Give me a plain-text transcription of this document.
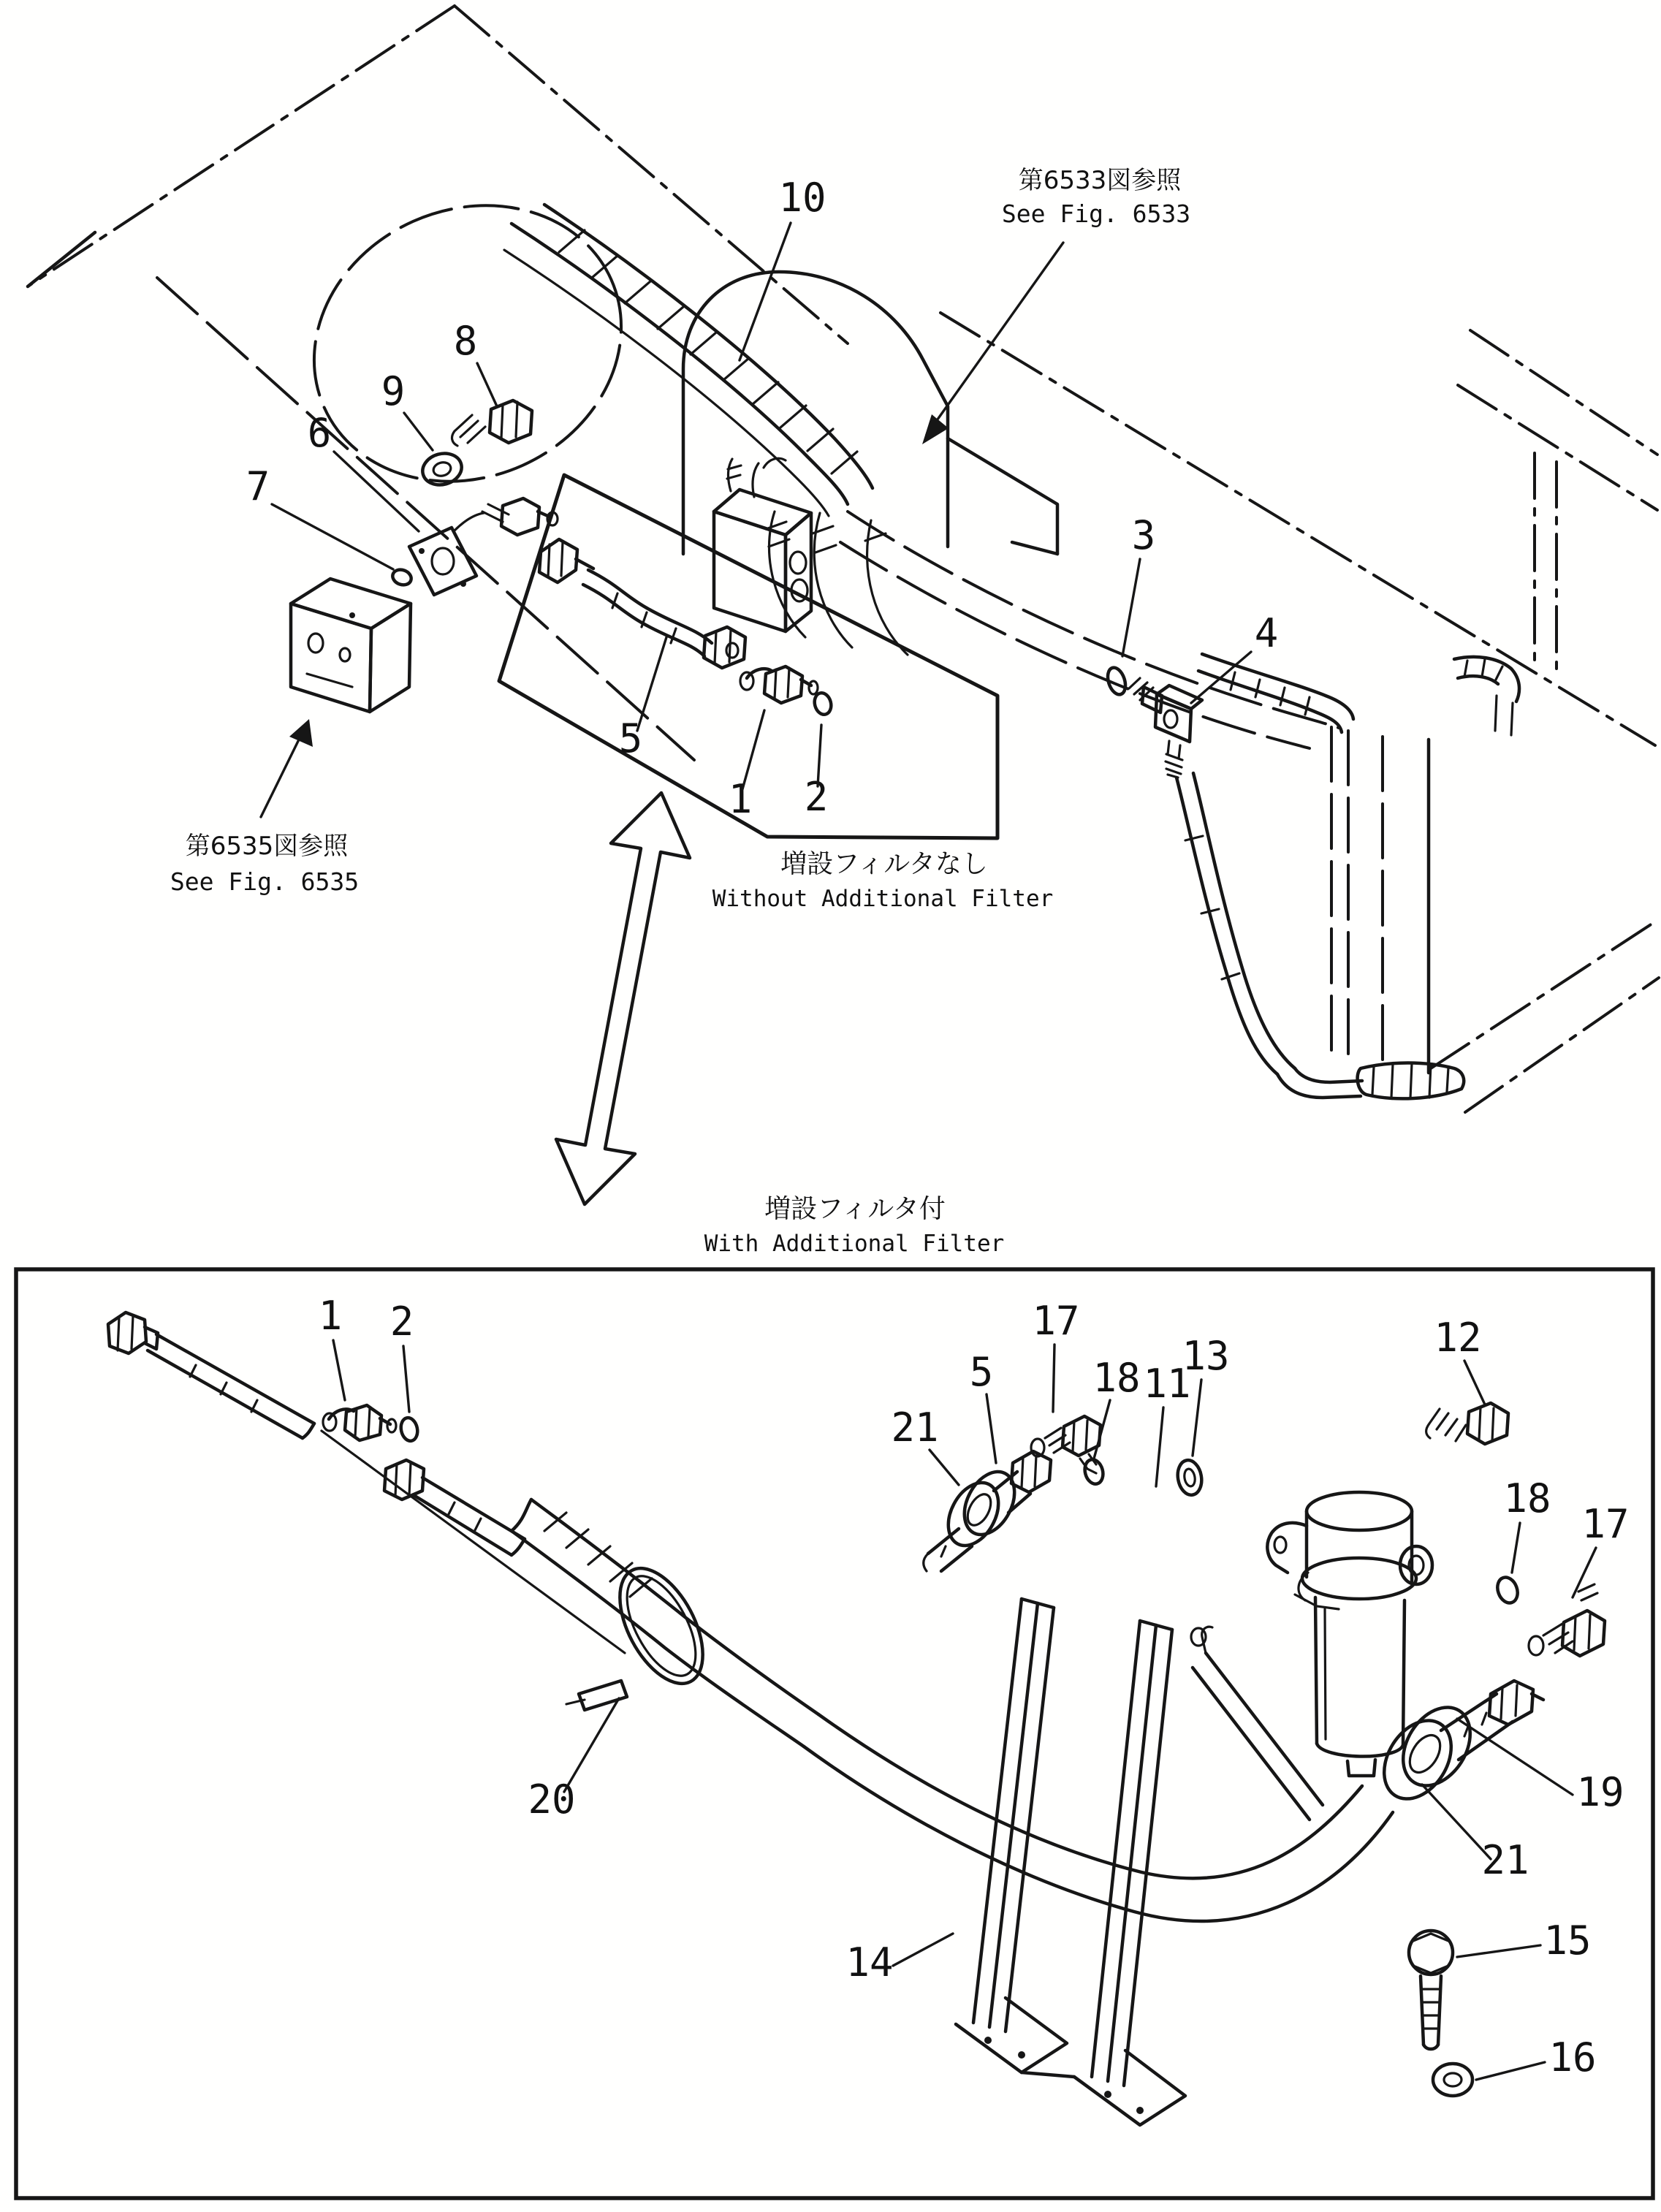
第6533図参照
See Fig. 6533
第6535図参照
See Fig. 6535
増設フィルタなし
Without Additional Filter
10
8
9
6
7
5
1 2
3
4
増設フィルタ付
With Additional Filter
1 2
21
5
17
18 11
13	12
18
17
19
21
20
14	15
16
